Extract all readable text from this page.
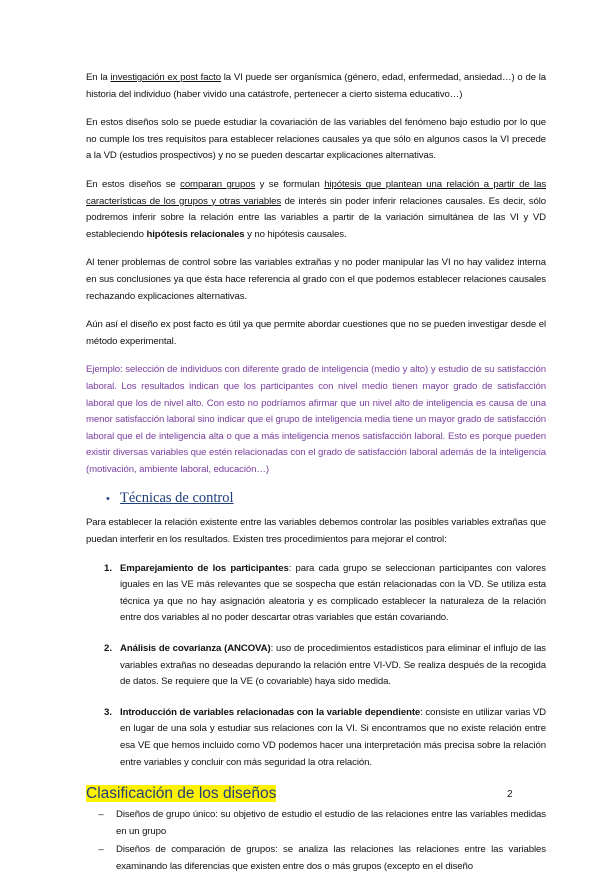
En la investigación ex post facto la VI puede ser organísmica (género, edad, enfermedad, ansiedad…) o de la historia del individuo (haber vivido una catástrofe, pertenecer a cierto sistema educativo…)

En estos diseños solo se puede estudiar la covariación de las variables del fenómeno bajo estudio por lo que no cumple los tres requisitos para establecer relaciones causales ya que sólo en algunos casos la VI precede a la VD (estudios prospectivos) y no se pueden descartar explicaciones alternativas.

En estos diseños se comparan grupos y se formulan hipótesis que plantean una relación a partir de las características de los grupos y otras variables de interés sin poder inferir relaciones causales. Es decir, sólo podremos inferir sobre la relación entre las variables a partir de la variación simultánea de las VI y VD estableciendo hipótesis relacionales y no hipótesis causales.

Al tener problemas de control sobre las variables extrañas y no poder manipular las VI no hay validez interna en sus conclusiones ya que ésta hace referencia al grado con el que podemos establecer relaciones causales rechazando explicaciones alternativas.

Aún así el diseño ex post facto es útil ya que permite abordar cuestiones que no se pueden investigar desde el método experimental.

Ejemplo: selección de individuos con diferente grado de inteligencia (medio y alto) y estudio de su satisfacción laboral. Los resultados indican que los participantes con nivel medio tienen mayor grado de satisfacción laboral que los de nivel alto. Con esto no podríamos afirmar que un nivel alto de inteligencia es causa de una menor satisfacción laboral sino indicar que el grupo de inteligencia media tiene un mayor grado de satisfacción laboral que el de inteligencia alta o que a más inteligencia menos satisfacción laboral. Esto es porque pueden existir diversas variables que estén relacionadas con el grado de satisfacción laboral además de la inteligencia (motivación, ambiente laboral, educación…)

• Técnicas de control

Para establecer la relación existente entre las variables debemos controlar las posibles variables extrañas que puedan interferir en los resultados. Existen tres procedimientos para mejorar el control:

1. Emparejamiento de los participantes: para cada grupo se seleccionan participantes con valores iguales en las VE más relevantes que se sospecha que están relacionadas con la VD. Se utiliza esta técnica ya que no hay asignación aleatoria y es complicado establecer la naturaleza de la relación entre dos variables al no poder descartar otras variables que están covariando.

2. Análisis de covarianza (ANCOVA): uso de procedimientos estadísticos para eliminar el influjo de las variables extrañas no deseadas depurando la relación entre VI-VD. Se realiza después de la recogida de datos. Se requiere que la VE (o covariable) haya sido medida.

3. Introducción de variables relacionadas con la variable dependiente: consiste en utilizar varias VD en lugar de una sola y estudiar sus relaciones con la VI. Si encontramos que no existe relación entre esa VE que hemos incluido como VD podemos hacer una interpretación más precisa sobre la relación entre variables y concluir con más seguridad la otra relación.

Clasificación de los diseños
–	Diseños de grupo único: su objetivo de estudio el estudio de las relaciones entre las variables medidas en un grupo

–	Diseños de comparación de grupos: se analiza las relaciones las relaciones entre las variables examinando las diferencias que existen entre dos o más grupos (excepto en el diseño

2
